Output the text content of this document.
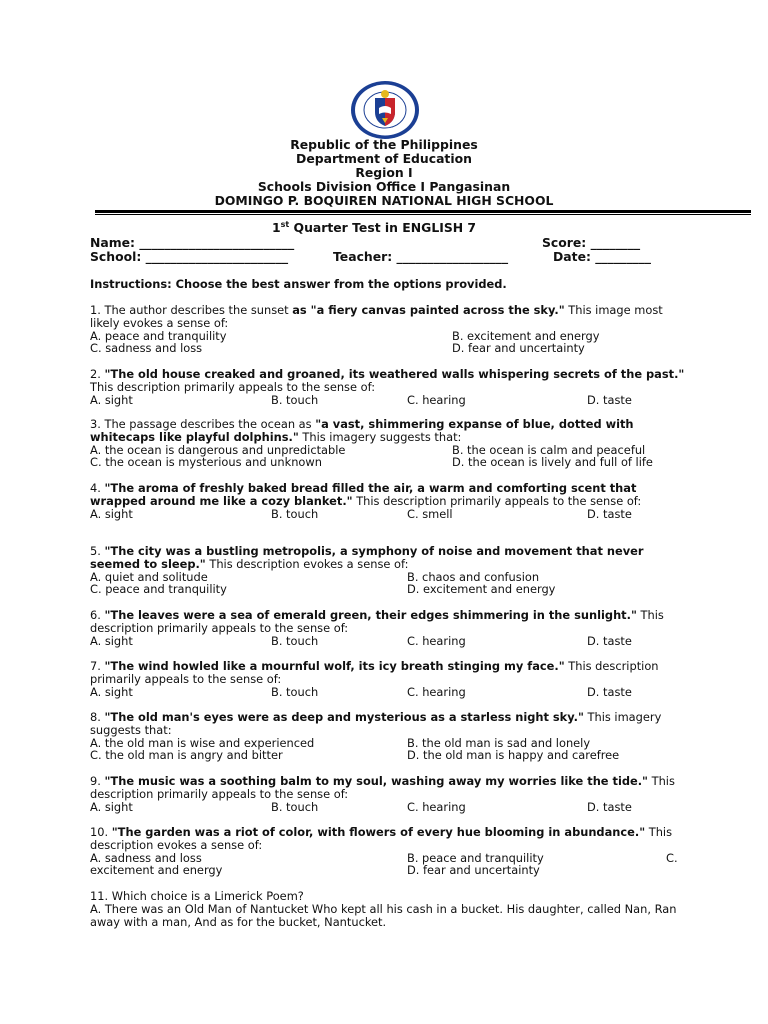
Republic of the Philippines
Department of Education
Region I
Schools Division Office I Pangasinan
DOMINGO P. BOQUIREN NATIONAL HIGH SCHOOL
1st Quarter Test in ENGLISH 7
Name: _________________________	Score: ________
School: _______________________	Teacher: __________________	Date: _________
Instructions: Choose the best answer from the options provided.
1. The author describes the sunset as "a fiery canvas painted across the sky." This image most likely evokes a sense of:
A. peace and tranquility	B. excitement and energy
C. sadness and loss	D. fear and uncertainty
2. "The old house creaked and groaned, its weathered walls whispering secrets of the past." This description primarily appeals to the sense of:
A. sight	B. touch	C. hearing	D. taste
3. The passage describes the ocean as "a vast, shimmering expanse of blue, dotted with whitecaps like playful dolphins." This imagery suggests that:
A. the ocean is dangerous and unpredictable	B. the ocean is calm and peaceful
C. the ocean is mysterious and unknown	D. the ocean is lively and full of life
4. "The aroma of freshly baked bread filled the air, a warm and comforting scent that wrapped around me like a cozy blanket." This description primarily appeals to the sense of:
A. sight	B. touch	C. smell	D. taste
5. "The city was a bustling metropolis, a symphony of noise and movement that never seemed to sleep." This description evokes a sense of:
A. quiet and solitude	B. chaos and confusion
C. peace and tranquility	D. excitement and energy
6. "The leaves were a sea of emerald green, their edges shimmering in the sunlight." This description primarily appeals to the sense of:
A. sight	B. touch	C. hearing	D. taste
7. "The wind howled like a mournful wolf, its icy breath stinging my face." This description primarily appeals to the sense of:
A. sight	B. touch	C. hearing	D. taste
8. "The old man's eyes were as deep and mysterious as a starless night sky." This imagery suggests that:
A. the old man is wise and experienced	B. the old man is sad and lonely
C. the old man is angry and bitter	D. the old man is happy and carefree
9. "The music was a soothing balm to my soul, washing away my worries like the tide." This description primarily appeals to the sense of:
A. sight	B. touch	C. hearing	D. taste
10. "The garden was a riot of color, with flowers of every hue blooming in abundance." This description evokes a sense of:
A. sadness and loss	B. peace and tranquility	C.
excitement and energy	D. fear and uncertainty
11. Which choice is a Limerick Poem?
A. There was an Old Man of Nantucket Who kept all his cash in a bucket. His daughter, called Nan, Ran away with a man, And as for the bucket, Nantucket.
